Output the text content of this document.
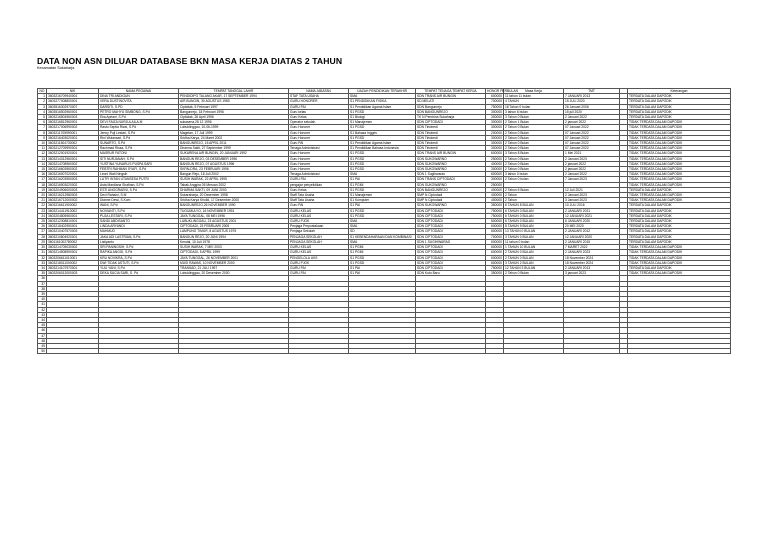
DATA NON ASN DILUAR DATABASE BKN MASA KERJA DIATAS 2 TAHUN
Kecamatan Sukaharja
NO	NIK	NAMA PEGAWAI	TEMPAT TANGGAL LAHIR	NAMA JABATAN	IJAZAH PENDIDIKAN TERAKHIR	TEMPAT TENAGA TEMPAT KERJA	HONOR PERBULAN	Masa Kerja	TMT		Keterangan
1	3603216709940001	DINA TRI ANDIGUN	PENDIDIPO TALANG AKAR, 17 SEPTEMBER 1994	STAF TATA USAHA	SMA	SDN TRANS AIR BUNGIN	600000	11 tahun 11 bulan	7 JANUARI 2013		TERDATA DALAM DAPODIK
2	3603277008800001	VERA DUSTINOVITA	AIR BUNGIN, 30 AGUSTUS 1980	GURU HONORER	S1 PENDIDIKAN FISIKA	SD MELATI	700000	4 TAHUN	15 JULI 2020		TERDATA DALAM DAPODIK
3	3603516302970007	DARSITI, S.PD	Cipkidak, 5 Februari 1997	GURU PAI	S1 Pendidikan Agama Islam	SDN Bangunrejo	750000	18 Tahun 0 bulan	26 Januari 2006		TERDATA DALAM DAPODIK
4	3603516502960001	PETRO MAHYU SIMBONG, S.Pd	Bangunrejo, 18 Februari 1996	Guru kelas	S1 PGSD	SDN BANGUNREJO	300000	3 tahun 6 bulan	15 juli 2020		TERDATA DALAM DAPODIK
5	3603216504960003	Eka Apriani, S.Pd	Cipkidak, 26 April 1996	Guru Kelas	S1 Biologi	TK N Pembina Sukaharja	300000	3 Tahun 0 Bulan	2 Januari 2022		TERDATA DALAM DAPODIK
6	3603216812960001	DEVI FAIZA NURJULAILA.M	sukasena,28 12 1996	Operator sekolah	S1 Manajemen	SDN CIPTODADI	300000	2 Tahun 1 Bulan	2 januari 2022		TIDAK TERDATA DALAM DAPODIK
7	3603217006990002	Rastu Septia Rizal, S.Pd	Lubuklinggau, 10-06-1999	Guru Honorer	S1 PGSD	SDN Tirtotredi	300000	2 Tahun 0 Bulan	07 Januari 2022		TIDAK TERDATA DALAM DAPODIK
8	3603211705990001	Jenny Puji Lestari, S.Pd	Magetan, 17 Juli 1999	Guru Honorer	S1 Bahasa Inggris	SDN Tirtotredi	200000	2 Tahun 0 Bulan	07 Januari 2022		TIDAK TERDATA DALAM DAPODIK
9	3603216403020001	Rini Wulansari, S.Pd	Sridha Karya, 24 Maret 2002	Guru Honorer	S1 PGSD	SDN Tirtotredi	300000	2 Tahun 0 Bulan	07 Januari 2022		TIDAK TERDATA DALAM DAPODIK
10	3603211504730002	SUNARTO, S.Pd	BANGUNREJO, 15 APRIL 2011	Guru PAI	S1 Pendidikan Agama Islam	SDN Tirtotredi	300000	2 Tahun 0 Bulan	07 Januari 2022		TIDAK TERDATA DALAM DAPODIK
11	3603212709990001	Rachmad Rissa, S.Pd	Dharma Sakti, 27 September 1999	Tenaga Administrasi	S1 Pendidikan Bahasa Indonesia	SDN Tirtotredi	300000	2 Tahun 0 Bulan	07 Januari 2022		TIDAK TERDATA DALAM DAPODIK
12	3603212001920001	MASRUR FATONI	SUKARENA AIR BUNGIN, 20 JANUARI 1992	Guru Honorer	S1 PGSD	SDN TRANS AIR BUNGIN	600000	3 Tahun 8 Bulan	1 Mei 2021		TIDAK TERDATA DALAM DAPODIK
13	3603214312960001	SITI NURJANAH, S.Pd	BANGUN REJO, 03 DESEMBER 1996	Guru Honorer	S1 PGSD	SDN SUKOWARNO	250000	2 Tahun 0 Bulan	2 Januari 2023		TIDAK TERDATA DALAM DAPODIK
14	3603214708960002	YUSTINA YUNARLIS PUSPA SARI	BANGUN REJO, 07 AGUSTUS 1996	Guru Honorer	S1 PGSD	SDN SUKOWARNO	400000	2 Tahun 0 Bulan	2 januari 2022		TIDAK TERDATA DALAM DAPODIK
15	3603216603960002	FEBTRI RAHMAN SYAFI, S.Pd	SKPALDRA, 23 FEBRUARI 1996	Guru Honorer	S1 PGSD	SDN SUKOWARNO	300000	2 Tahun 0 Bulan	2 januari 2022		TIDAK TERDATA DALAM DAPODIK
16	3603216007020001	Leoni Wati Ningsih	Bangun Rejo, 18 Juli 2002	Tenaga Administrasi	SMA	SDN 1 Sugihwaras	600000	3 tahun 0 bulan	2 Januari 2022		TIDAK TERDATA DALAM DAPODIK
17	3603216203950003	LUTFI INTAN UTANSESA PUTRI	SUSIH WARAK, 22 APRIL 1995	GURU PAI	S1 PAI	SDN TRANS CIPTODADI	300000	2 Tahun 0 bulan	7 Januari 2023		TIDAK TERDATA DALAM DAPODIK
18	3603216503020002	Asta Mardiana Shafiran, S.Pd	Tabak Anggira 05 Meruan 2002	pengajar penyelidikan	S1 PGMI	SDN SUKOWARNO	250000				TIDAK TERDATA DALAM DAPODIK
19	3603204906000003	ESTI ANGGRAENI, S.Pd	DHARMA SAKTI, 09 JUNI 2000	Guru Kelas	S1 PGSD	SDN BANGUNREJO	400000	2 Tahun 6 Bulan	12 Juli 2021		TERDATA DALAM DAPODIK
20	3603216212980003	Devi Rahaini, S.M	Sukaraharja, 20 Desember 1998	Staff Tata Usaha	S1 Manajemen	SMP N Ciptodadi	400000	2 Tahun	2 Januari 2023		TIDAK TERDATA DALAM DAPODIK
21	3603216712000002	Dianne Dewi, S.Kom	Sridha Karya Khoild, 17 Desember 2000	Staff Tata Usaha	S1 Komputer	SMP N Ciptodadi	400000	2 Tahun	3 Januari 2023		TIDAK TERDATA DALAM DAPODIK
22	3603216611900002	WANI, S.Pd	BANGUNREJO,26 NOVEMBER 1990	Guru PAI	S1 PAI	SDN SUKOWARNO	350000	6 TAHUN 8 BULAN	10 JULI 2016		TERDATA DALAM DAPODIK
23	3603214411910002	NOVIANTI, S.Pd	TUGUMULYO, 16 NOVEMBER 1991	GURU KELAS	S1 PGSD	SDN CIPTODADI	750000	6 TAHUN 0 BULAN	2 JANUARI 2021		TERDATA DALAM DAPODIK
24	3603204805960001	PUJA LESTARI, S.Pd	JAYA TUNGGAL, 08 MEI 1996	GURU KELAS	S1 PGSD	SDN CIPTODADI	750000	6 TAHUN 0 BULAN	12 JANUARI 2021		TERDATA DALAM DAPODIK
25	3603212308810001	SANDI ABDISANTO	LUBUKLINGGAU, 23 AGUSTUS 2001	GURU PJOK	SMA	SDN CIPTODADI	600000	6 TAHUN 0 BULAN	6 JANUARI 2020		TERDATA DALAM DAPODIK
26	3603218402950001	LINDA ARYANDI	CIPTODADI, 23 FEBRUARI 2005	Penjaga Perpustakaan	SMA	SDN CIPTODADI	600000	8 TAHUN 9 BULAN	20 MEI 2020		TERDATA DALAM DAPODIK
27	3603210407570003	MAHMUD	LAMPUNG TIMUR, 8 AGUSTUS 1975	Penjaga Sekolah	SD	SDN CIPTODADI	600000	13 TAHUN 0 BULAN	2 JANUARI 2012		TERDATA DALAM DAPODIK
28	3603210804920001	JAKA ADI LASTRIAN, S.Pd	BANGUN REJO, 20 JUNI 1994	PENJAGA SEKOLAH	S1 KEBENDAHARAAN DAN KOMBINASI	SDN CIPTODADI	700000	3 TAHUN 0 BULAN	12 JANUARI 2020		TERDATA DALAM DAPODIK
29	3601161002780002	Listiyanto	Kendal, 10 Juli 1978	PENJAGA SEKOLAH	SMA	SDN 1 SUGIHWARAS	600000	11 tahun 0 bulan	2 JANUARI 2015		TERDATA DALAM DAPODIK
30	3603214705030002	SRI PANINGSIH, S.Pd	SUSIH WARAK, 7 MEI 2003	GURU KELAS	S1 PGMI	SDN CIPTODADI	600000	1 TAHUN 10 BULAN	7 MARET 2022		TIDAK TERDATA DALAM DAPODIK
31	3603214508990001	RAPIKA ANGGI, S.Pd	CIPTODADI, 5 APRIL 1999	GURU KELAS	S1 PGMI	SDN CIPTODADI	600000	2 TAHUN 0 BULAN	2 JANUARI 2023		TIDAK TERDATA DALAM DAPODIK
32	3603206611010001	KRU NOVIKRA, S.Pd	JAYA TUNGGAL, 26 NOVEMBER 2001	PENGELOLA UKS	S1 PGSD	SDN CIPTODADI	600000	2 TAHUN 0 BULAN	18 November 2024		TIDAK TERDATA DALAM DAPODIK
33	3603218011000002	DWI TIDAK ASTUTI, S.Pd	MUSI RAWAS, 10 NOVEMBER 2000	GURU PJOK	S1 PGSD	SDN CIPTODADI	600000	3 TAHUN 2 BULAN	18 November 2024		TIDAK TERDATA DALAM DAPODIK
34	3603214107970001	YULI YANI, S.Pd	TRANSAD, 21 JULI 1997	GURU PAI	S1 PAI	SDN CIPTODADI	750000	12 TAHUN 3 BULAN	2 JANUARI 2013		TERDATA DALAM DAPODIK
35	3603206012000003	DEKA SUCIA SARI, S. Pd	Lubuklinggau, 20 Desember 2000	GURU PAI	S1 PAI	SDN Kutu Baru	350000	2 Tahun 0 Bulan	3 januari 2023		TIDAK TERDATA DALAM DAPODIK
36											
37											
38											
39											
40											
41											
42											
43											
44											
45											
46											
47											
48											
49											
50											
